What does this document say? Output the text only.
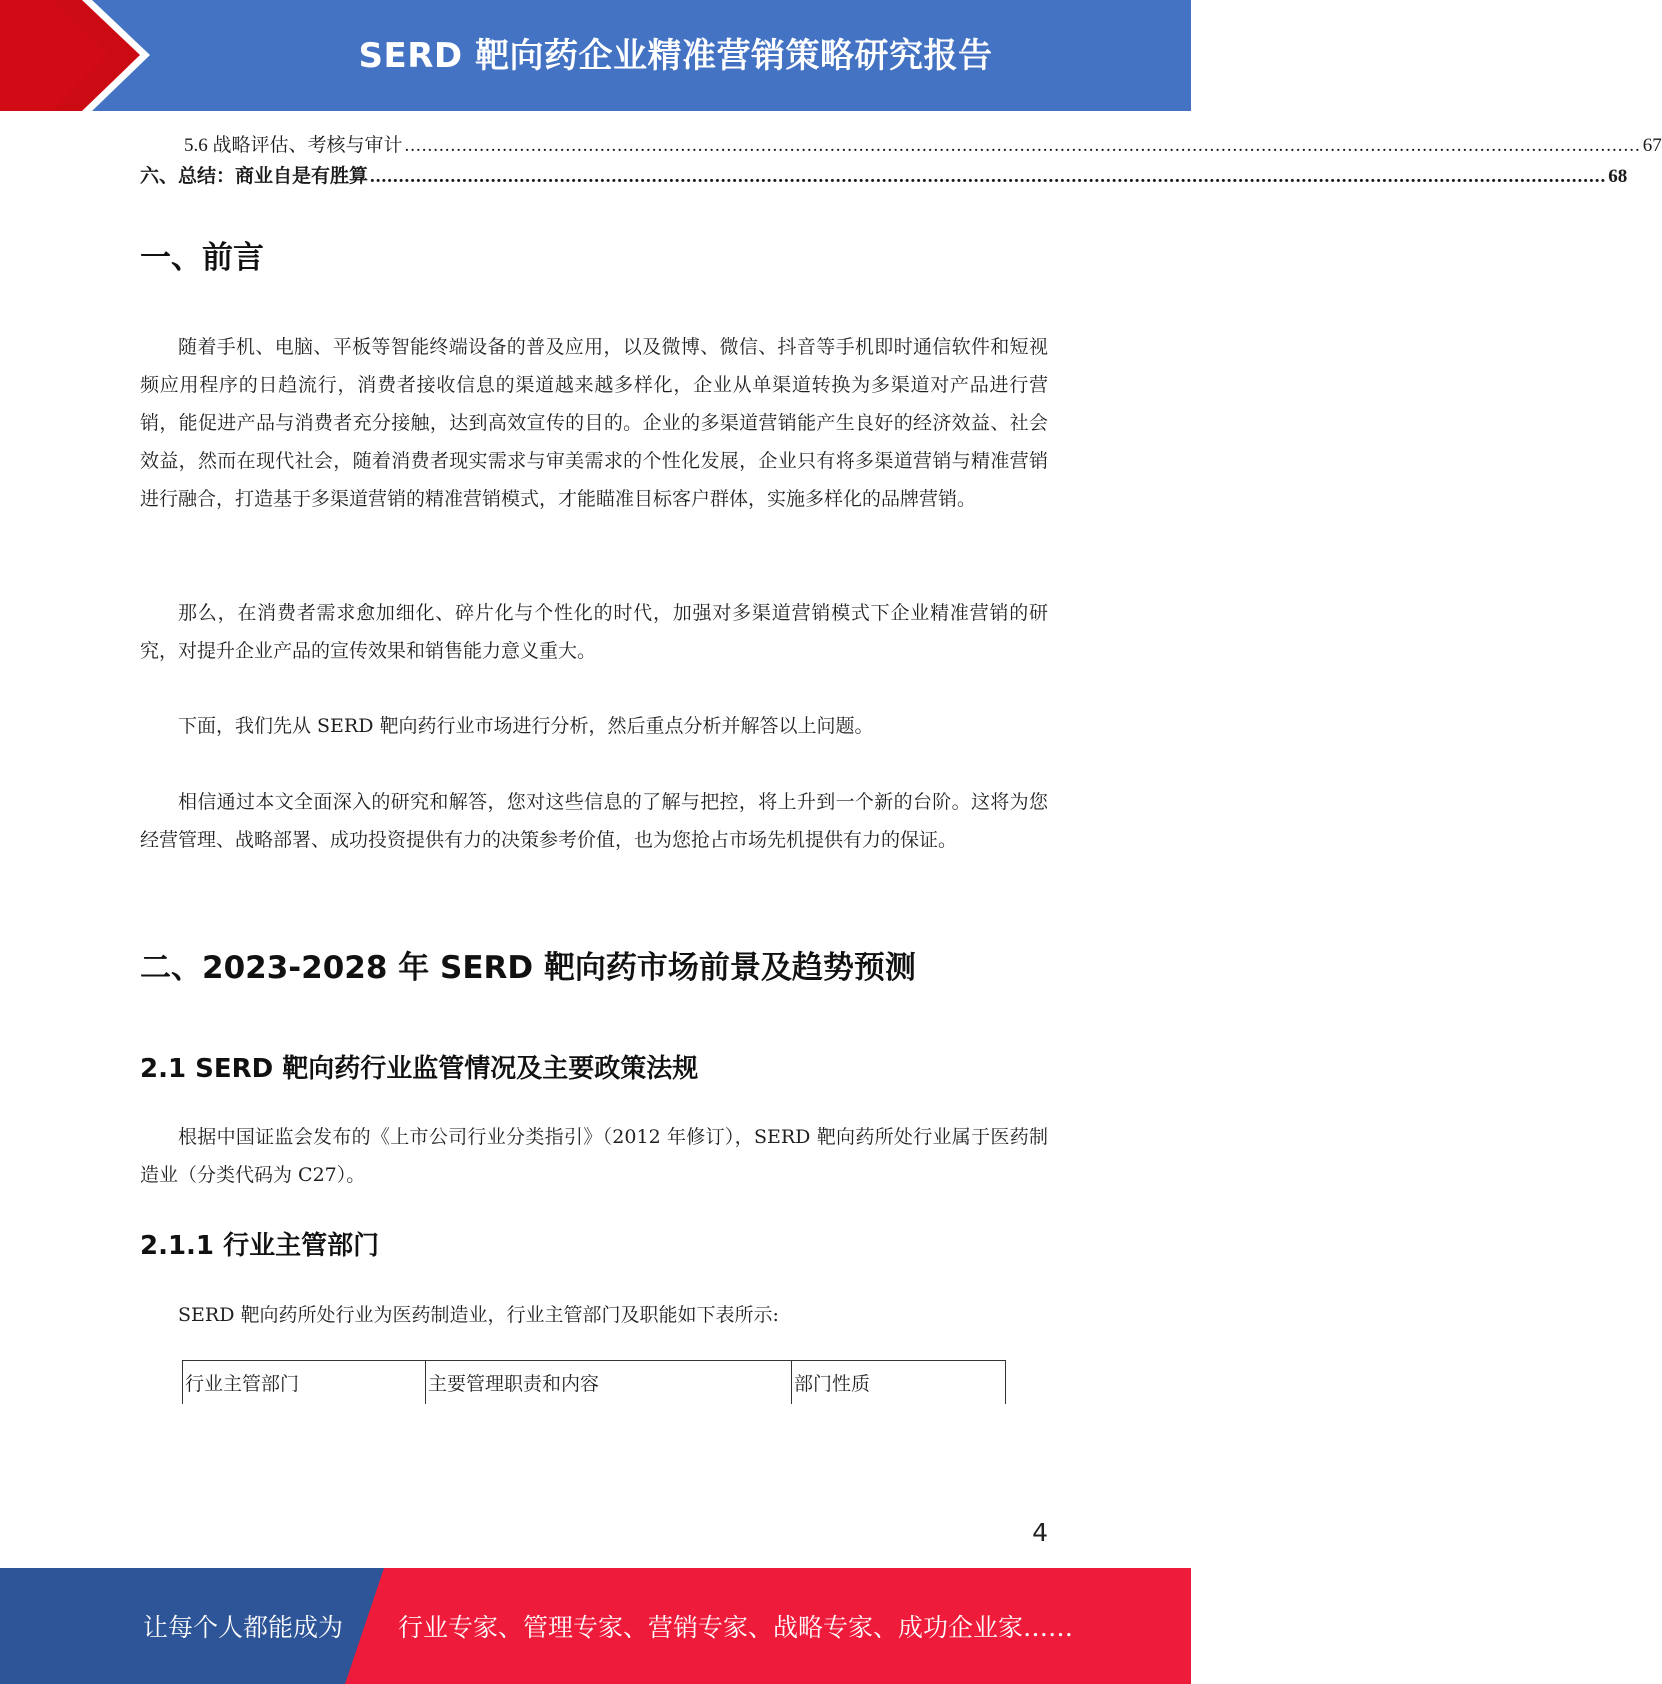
SERD 靶向药企业精准营销策略研究报告
5.6 战略评估、考核与审计 ....................................................................................................................................................................................................................... 67
六、总结：商业自是有胜算 ....................................................................................................................................................................................................................... 68
一、前言
随着手机、电脑、平板等智能终端设备的普及应用，以及微博、微信、抖音等手机即时通信软件和短视频应用程序的日趋流行，消费者接收信息的渠道越来越多样化，企业从单渠道转换为多渠道对产品进行营销，能促进产品与消费者充分接触，达到高效宣传的目的。企业的多渠道营销能产生良好的经济效益、社会效益，然而在现代社会，随着消费者现实需求与审美需求的个性化发展，企业只有将多渠道营销与精准营销进行融合，打造基于多渠道营销的精准营销模式，才能瞄准目标客户群体，实施多样化的品牌营销。
那么，在消费者需求愈加细化、碎片化与个性化的时代，加强对多渠道营销模式下企业精准营销的研究，对提升企业产品的宣传效果和销售能力意义重大。
下面，我们先从 SERD 靶向药行业市场进行分析，然后重点分析并解答以上问题。
相信通过本文全面深入的研究和解答，您对这些信息的了解与把控，将上升到一个新的台阶。这将为您经营管理、战略部署、成功投资提供有力的决策参考价值，也为您抢占市场先机提供有力的保证。
二、2023-2028 年 SERD 靶向药市场前景及趋势预测
2.1 SERD 靶向药行业监管情况及主要政策法规
根据中国证监会发布的《上市公司行业分类指引》（2012 年修订），SERD 靶向药所处行业属于医药制造业（分类代码为 C27）。
2.1.1 行业主管部门
SERD 靶向药所处行业为医药制造业，行业主管部门及职能如下表所示:
行业主管部门	主要管理职责和内容	部门性质
4
让每个人都能成为 行业专家、管理专家、营销专家、战略专家、成功企业家……
